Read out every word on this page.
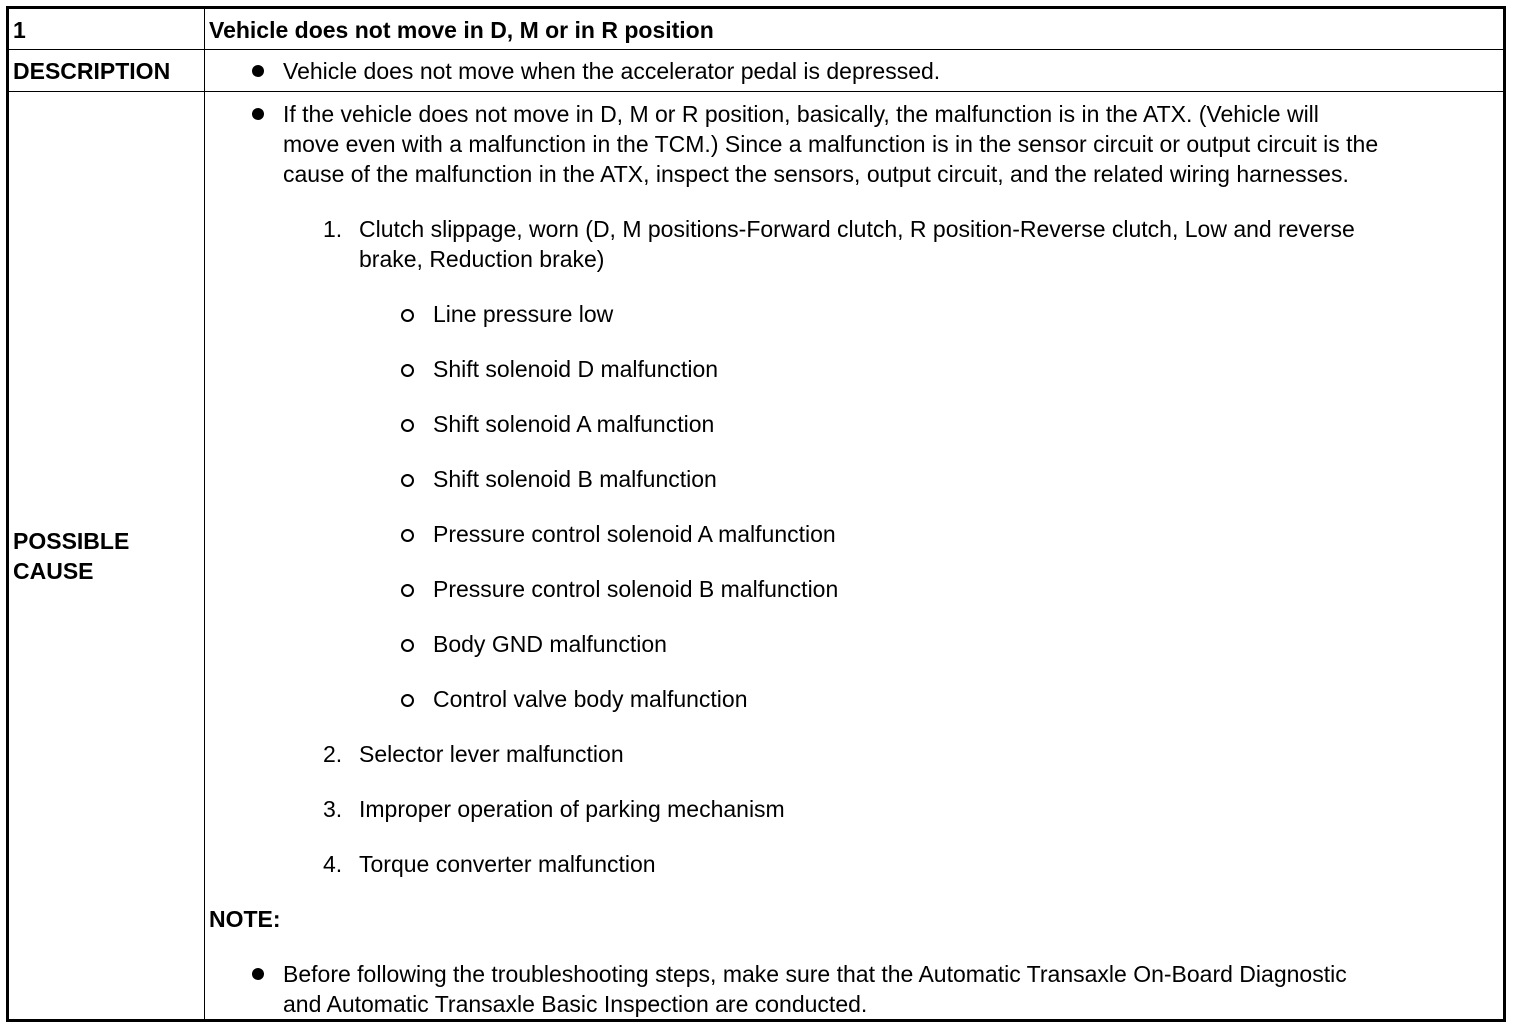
1	Vehicle does not move in D, M or in R position
DESCRIPTION	Vehicle does not move when the accelerator pedal is depressed.
POSSIBLE
CAUSE
If the vehicle does not move in D, M or R position, basically, the malfunction is in the ATX. (Vehicle will
move even with a malfunction in the TCM.) Since a malfunction is in the sensor circuit or output circuit is the
cause of the malfunction in the ATX, inspect the sensors, output circuit, and the related wiring harnesses.
1. Clutch slippage, worn (D, M positions-Forward clutch, R position-Reverse clutch, Low and reverse
brake, Reduction brake)
Line pressure low
Shift solenoid D malfunction
Shift solenoid A malfunction
Shift solenoid B malfunction
Pressure control solenoid A malfunction
Pressure control solenoid B malfunction
Body GND malfunction
Control valve body malfunction
2. Selector lever malfunction
3. Improper operation of parking mechanism
4. Torque converter malfunction
NOTE:
Before following the troubleshooting steps, make sure that the Automatic Transaxle On-Board Diagnostic
and Automatic Transaxle Basic Inspection are conducted.
